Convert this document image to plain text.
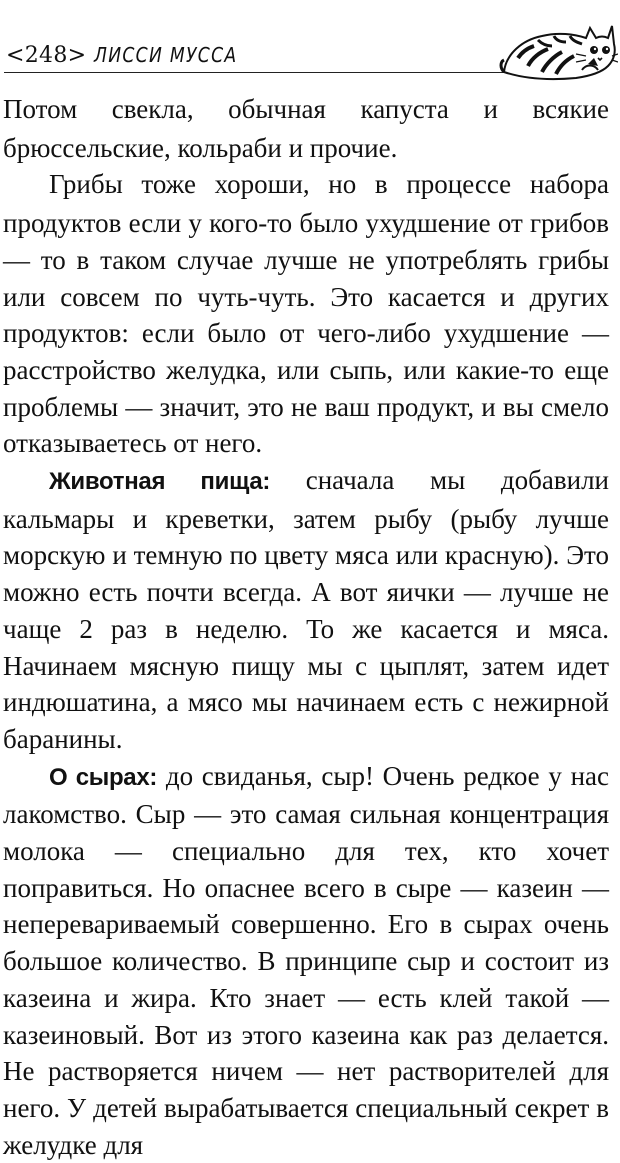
<248> ЛИССИ МУССА

Потом свекла, обычная капуста и всякие брюссельские, кольраби и прочие.

Грибы тоже хороши, но в процессе набора продуктов если у кого-то было ухудшение от грибов — то в таком случае лучше не употреблять грибы или совсем по чуть-чуть. Это касается и других продуктов: если было от чего-либо ухудшение — расстройство желудка, или сыпь, или какие-то еще проблемы — значит, это не ваш продукт, и вы смело отказываетесь от него.

Животная пища: сначала мы добавили кальмары и креветки, затем рыбу (рыбу лучше морскую и темную по цвету мяса или красную). Это можно есть почти всегда. А вот яички — лучше не чаще 2 раз в неделю. То же касается и мяса. Начинаем мясную пищу мы с цыплят, затем идет индюшатина, а мясо мы начинаем есть с нежирной баранины.

О сырах: до свиданья, сыр! Очень редкое у нас лакомство. Сыр — это самая сильная концентрация молока — специально для тех, кто хочет поправиться. Но опаснее всего в сыре — казеин — неперевариваемый совершенно. Его в сырах очень большое количество. В принципе сыр и состоит из казеина и жира. Кто знает — есть клей такой — казеиновый. Вот из этого казеина как раз делается. Не растворяется ничем — нет растворителей для него. У детей вырабатывается специальный секрет в желудке для
